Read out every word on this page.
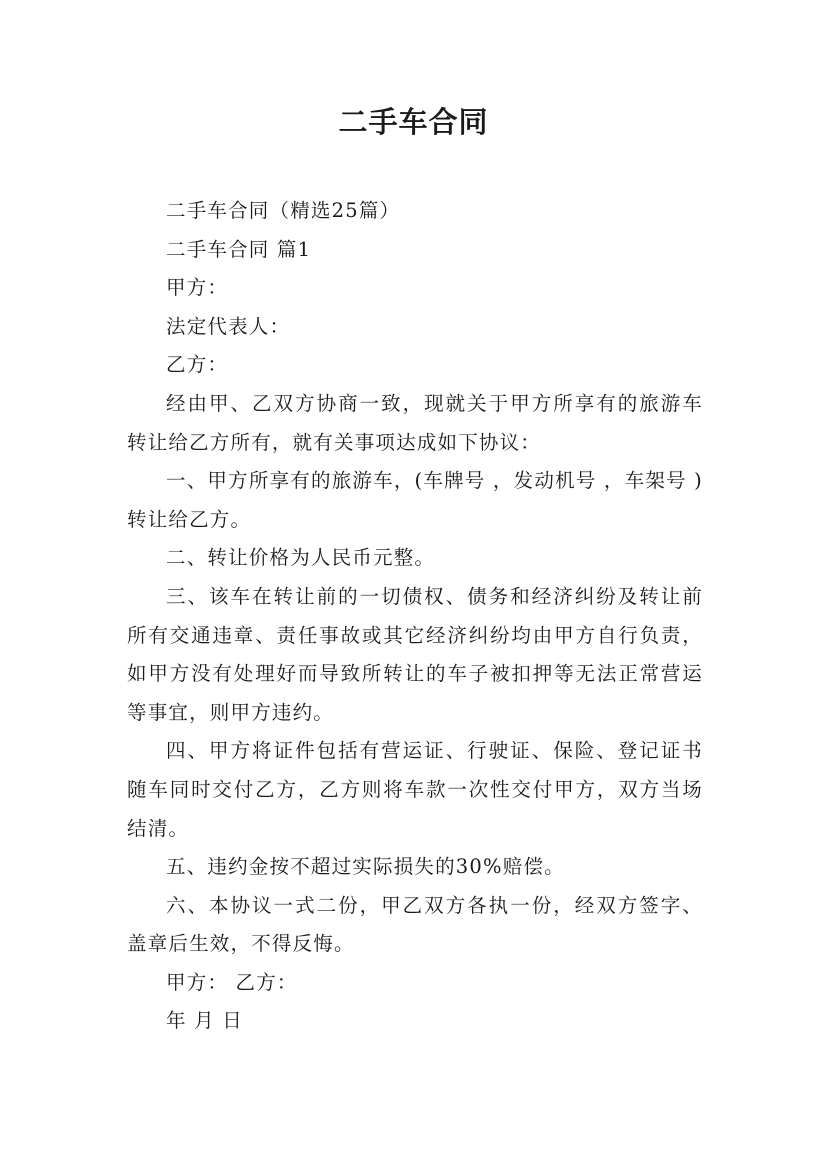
二手车合同

二手车合同（精选25篇）

二手车合同 篇1

甲方：

法定代表人：

乙方：

经由甲、乙双方协商一致，现就关于甲方所享有的旅游车转让给乙方所有，就有关事项达成如下协议：

一、甲方所享有的旅游车，(车牌号 ，发动机号 ，车架号 )转让给乙方。

二、转让价格为人民币元整。

三、该车在转让前的一切债权、债务和经济纠纷及转让前所有交通违章、责任事故或其它经济纠纷均由甲方自行负责，如甲方没有处理好而导致所转让的车子被扣押等无法正常营运等事宜，则甲方违约。

四、甲方将证件包括有营运证、行驶证、保险、登记证书随车同时交付乙方，乙方则将车款一次性交付甲方，双方当场结清。

五、违约金按不超过实际损失的30%赔偿。

六、本协议一式二份，甲乙双方各执一份，经双方签字、盖章后生效，不得反悔。

甲方： 乙方：

年 月 日
